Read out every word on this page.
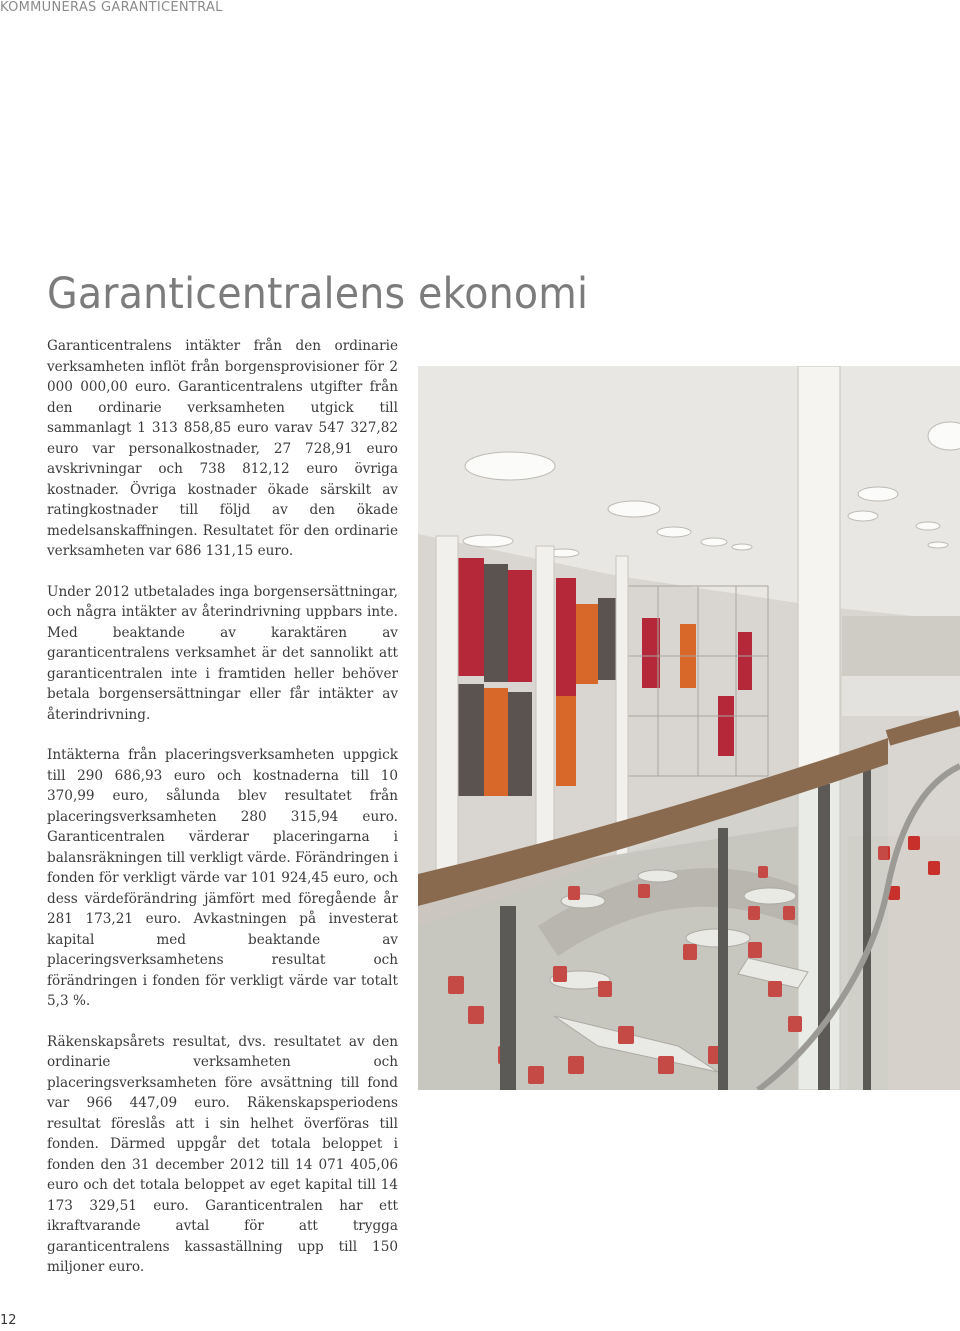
KOMMUNERAS GARANTICENTRAL
Garanticentralens ekonomi

Garanticentralens intäkter från den ordinarie verksamheten inflöt från borgensprovisioner för 2 000 000,00 euro. Garanticentralens utgifter från den ordinarie verksamheten utgick till sammanlagt 1 313 858,85 euro varav 547 327,82 euro var personalkostnader, 27 728,91 euro avskrivningar och 738 812,12 euro övriga kostnader. Övriga kostnader ökade särskilt av ratingkostnader till följd av den ökade medelsanskaffningen. Resultatet för den ordinarie verksamheten var 686 131,15 euro.

Under 2012 utbetalades inga borgensersättningar, och några intäkter av återindrivning uppbars inte. Med beaktande av karaktären av garanticentralens verksamhet är det sannolikt att garanticentralen inte i framtiden heller behöver betala borgensersättningar eller får intäkter av återindrivning.

Intäkterna från placeringsverksamheten uppgick till 290 686,93 euro och kostnaderna till 10 370,99 euro, sålunda blev resultatet från placeringsverksamheten 280 315,94 euro. Garanticentralen värderar placeringarna i balansräkningen till verkligt värde. Förändringen i fonden för verkligt värde var 101 924,45 euro, och dess värdeförändring jämfört med föregående år 281 173,21 euro. Avkastningen på investerat kapital med beaktande av placeringsverksamhetens resultat och förändringen i fonden för verkligt värde var totalt 5,3 %.

Räkenskapsårets resultat, dvs. resultatet av den ordinarie verksamheten och placeringsverksamheten före avsättning till fond var 966 447,09 euro. Räkenskapsperiodens resultat föreslås att i sin helhet överföras till fonden. Därmed uppgår det totala beloppet i fonden den 31 december 2012 till 14 071 405,06 euro och det totala beloppet av eget kapital till 14 173 329,51 euro. Garanticentralen har ett ikraftvarande avtal för att trygga garanticentralens kassaställning upp till 150 miljoner euro.

12
